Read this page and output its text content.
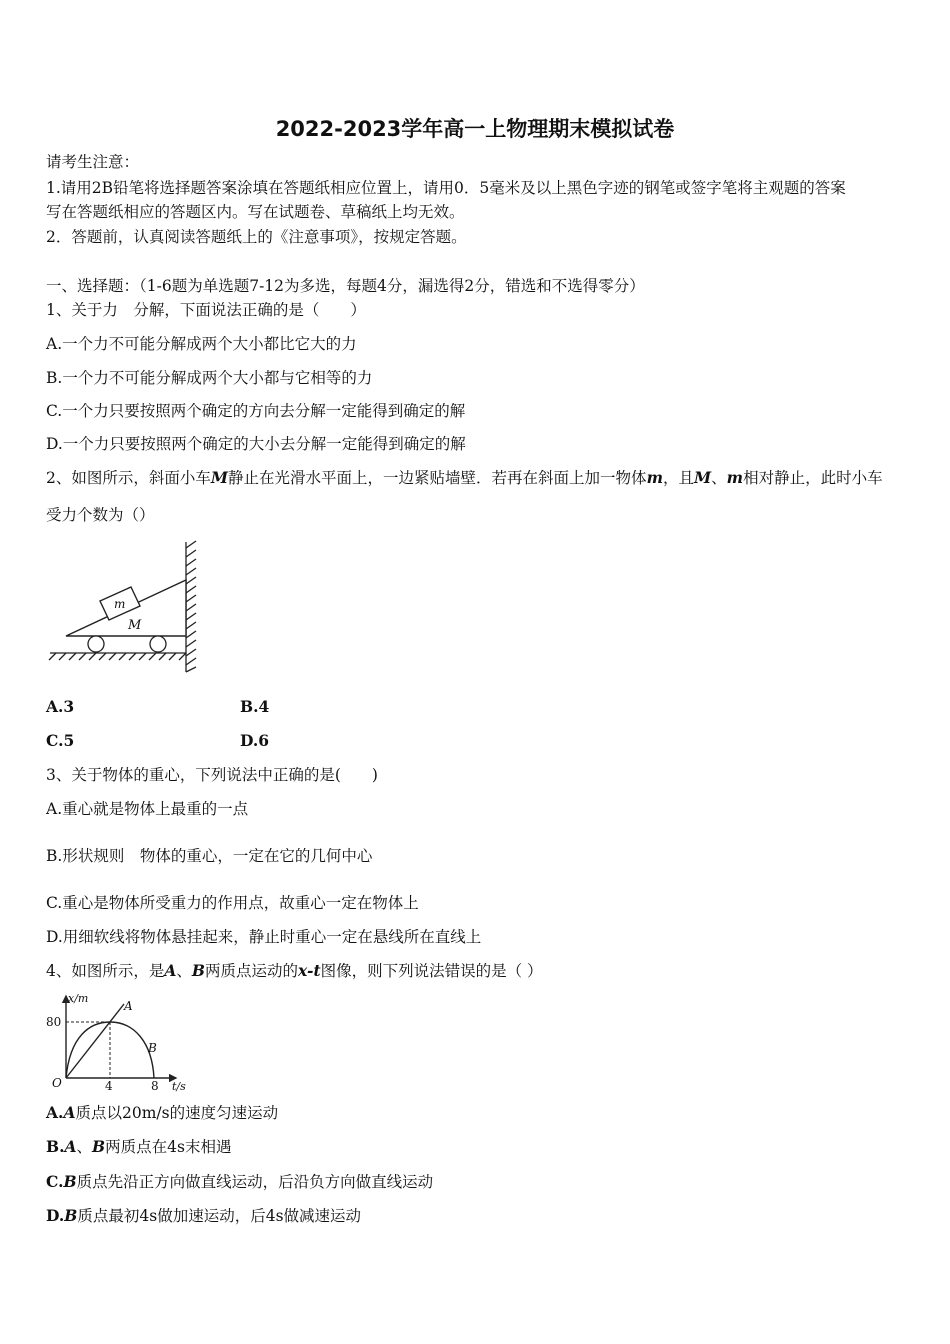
2022-2023学年高一上物理期末模拟试卷
请考生注意：
1.请用2B铅笔将选择题答案涂填在答题纸相应位置上，请用0．5毫米及以上黑色字迹的钢笔或签字笔将主观题的答案
写在答题纸相应的答题区内。写在试题卷、草稿纸上均无效。
2．答题前，认真阅读答题纸上的《注意事项》，按规定答题。
一、选择题：（1-6题为单选题7-12为多选，每题4分，漏选得2分，错选和不选得零分）
1、关于力　分解，下面说法正确的是（　　）
A.一个力不可能分解成两个大小都比它大的力
B.一个力不可能分解成两个大小都与它相等的力
C.一个力只要按照两个确定的方向去分解一定能得到确定的解
D.一个力只要按照两个确定的大小去分解一定能得到确定的解
2、如图所示，斜面小车M静止在光滑水平面上，一边紧贴墙壁．若再在斜面上加一物体m，且M、m相对静止，此时小车
受力个数为（）
m
M
A.3	B.4
C.5	D.6
3、关于物体的重心，下列说法中正确的是(　　)
A.重心就是物体上最重的一点
B.形状规则　物体的重心，一定在它的几何中心
C.重心是物体所受重力的作用点，故重心一定在物体上
D.用细软线将物体悬挂起来，静止时重心一定在悬线所在直线上
4、如图所示，是A、B两质点运动的x-t图像，则下列说法错误的是（ ）
x/m
t/s
O
80
4	8
A
B
A.A质点以20m/s的速度匀速运动
B.A、B两质点在4s末相遇
C.B质点先沿正方向做直线运动，后沿负方向做直线运动
D.B质点最初4s做加速运动，后4s做减速运动
